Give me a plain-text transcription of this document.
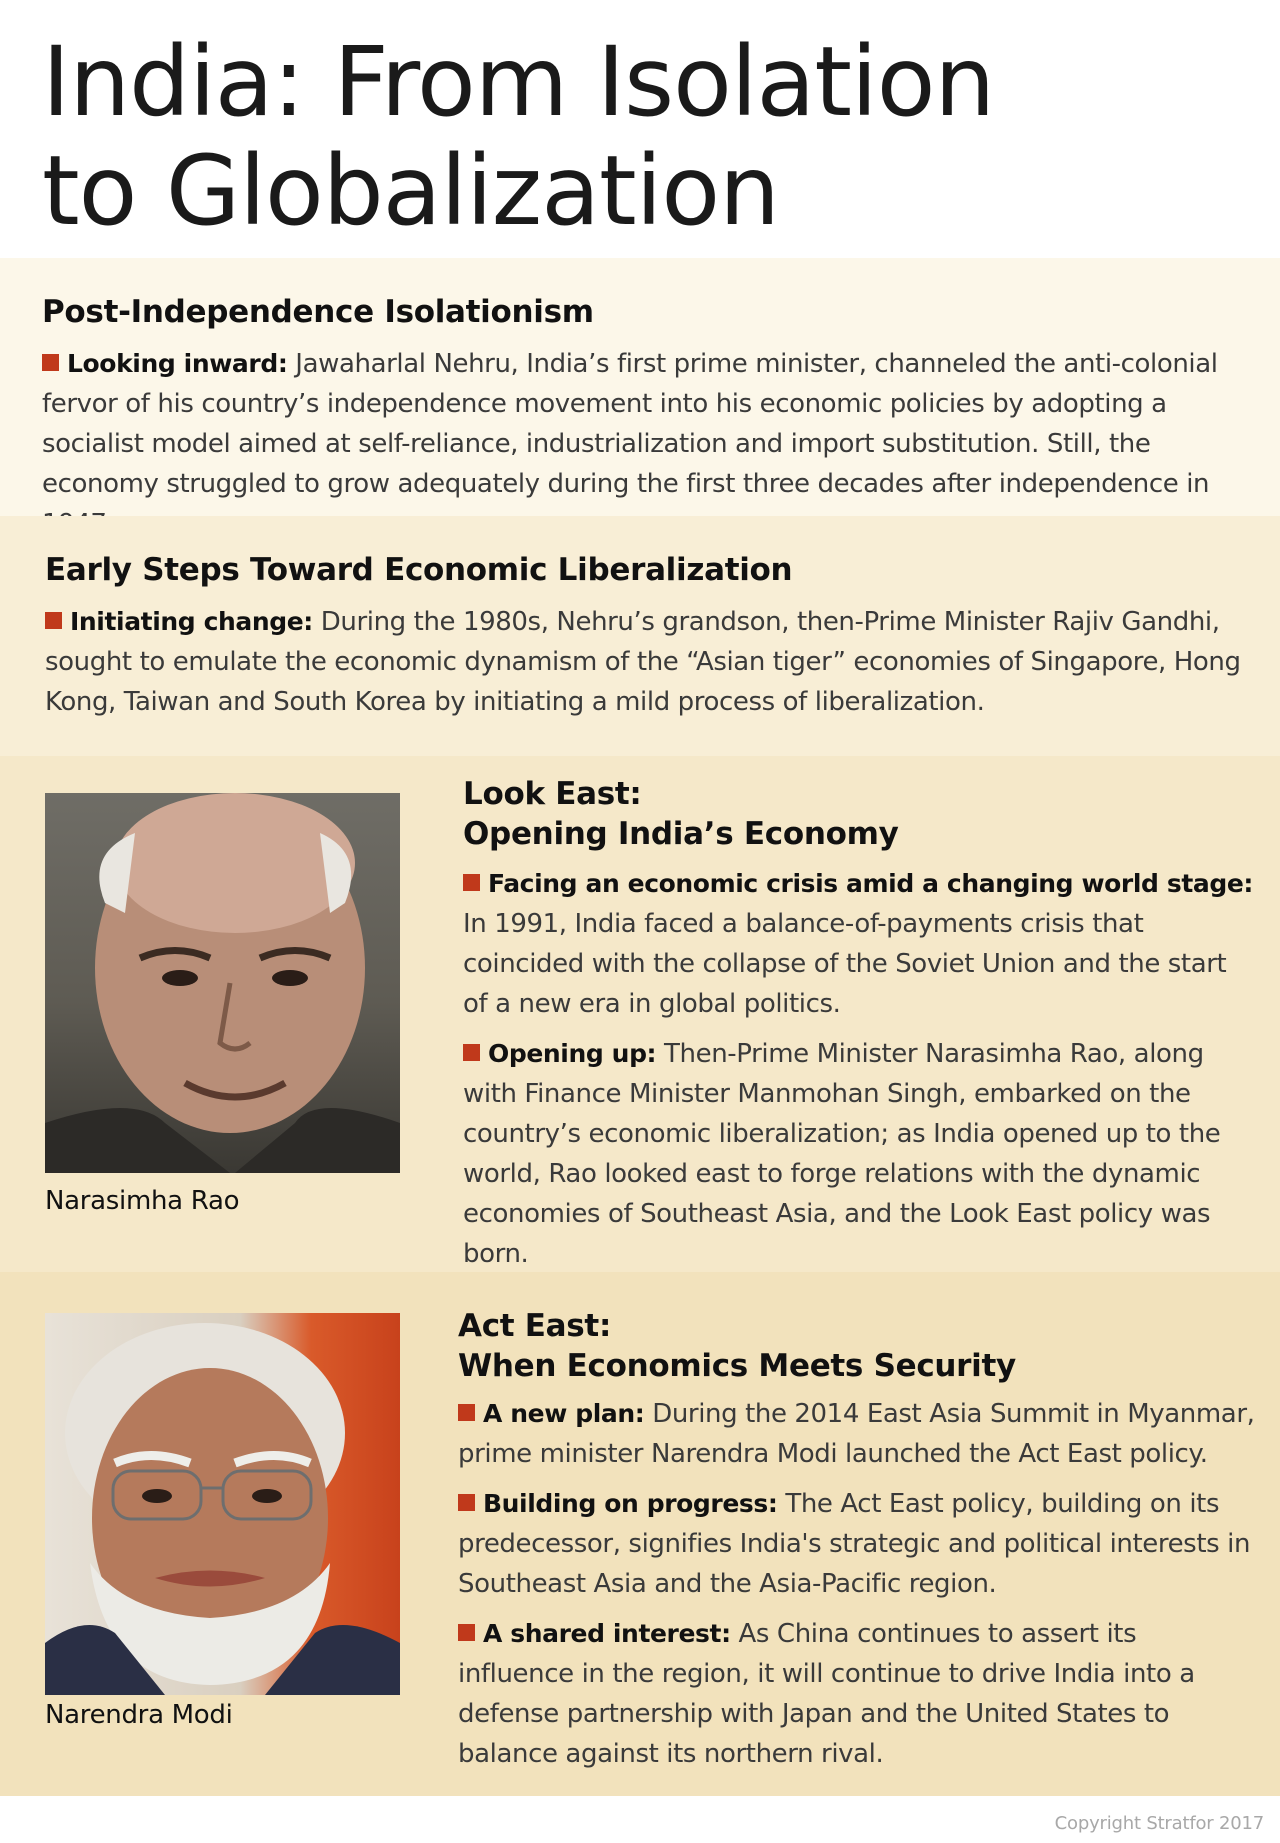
India: From Isolation
to Globalization
Post-Independence Isolationism

Looking inward: Jawaharlal Nehru, India’s first prime minister, channeled the anti-colonial fervor of his country’s independence movement into his economic policies by adopting a socialist model aimed at self-reliance, industrialization and import substitution. Still, the economy struggled to grow adequately during the first three decades after independence in

Early Steps Toward Economic Liberalization

Initiating change: During the 1980s, Nehru’s grandson, then-Prime Minister Rajiv Gandhi, sought to emulate the economic dynamism of the “Asian tiger” economies of Singapore, Hong Kong, Taiwan and South Korea by initiating a mild process of liberalization.

Narasimha Rao

Look East:
Opening India’s Economy

Facing an economic crisis amid a changing world stage: In 1991, India faced a balance-of-payments crisis that coincided with the collapse of the Soviet Union and the start of a new era in global politics.

Opening up: Then-Prime Minister Narasimha Rao, along with Finance Minister Manmohan Singh, embarked on the country’s economic liberalization; as India opened up to the world, Rao looked east to forge relations with the dynamic economies of Southeast Asia, and the Look East policy was born.

Narendra Modi

Act East:
When Economics Meets Security

A new plan: During the 2014 East Asia Summit in Myanmar, prime minister Narendra Modi launched the Act East policy.

Building on progress: The Act East policy, building on its predecessor, signifies India's strategic and political interests in Southeast Asia and the Asia-Pacific region.

A shared interest: As China continues to assert its influence in the region, it will continue to drive India into a defense partnership with Japan and the United States to balance against its northern rival.

Copyright Stratfor 2017
